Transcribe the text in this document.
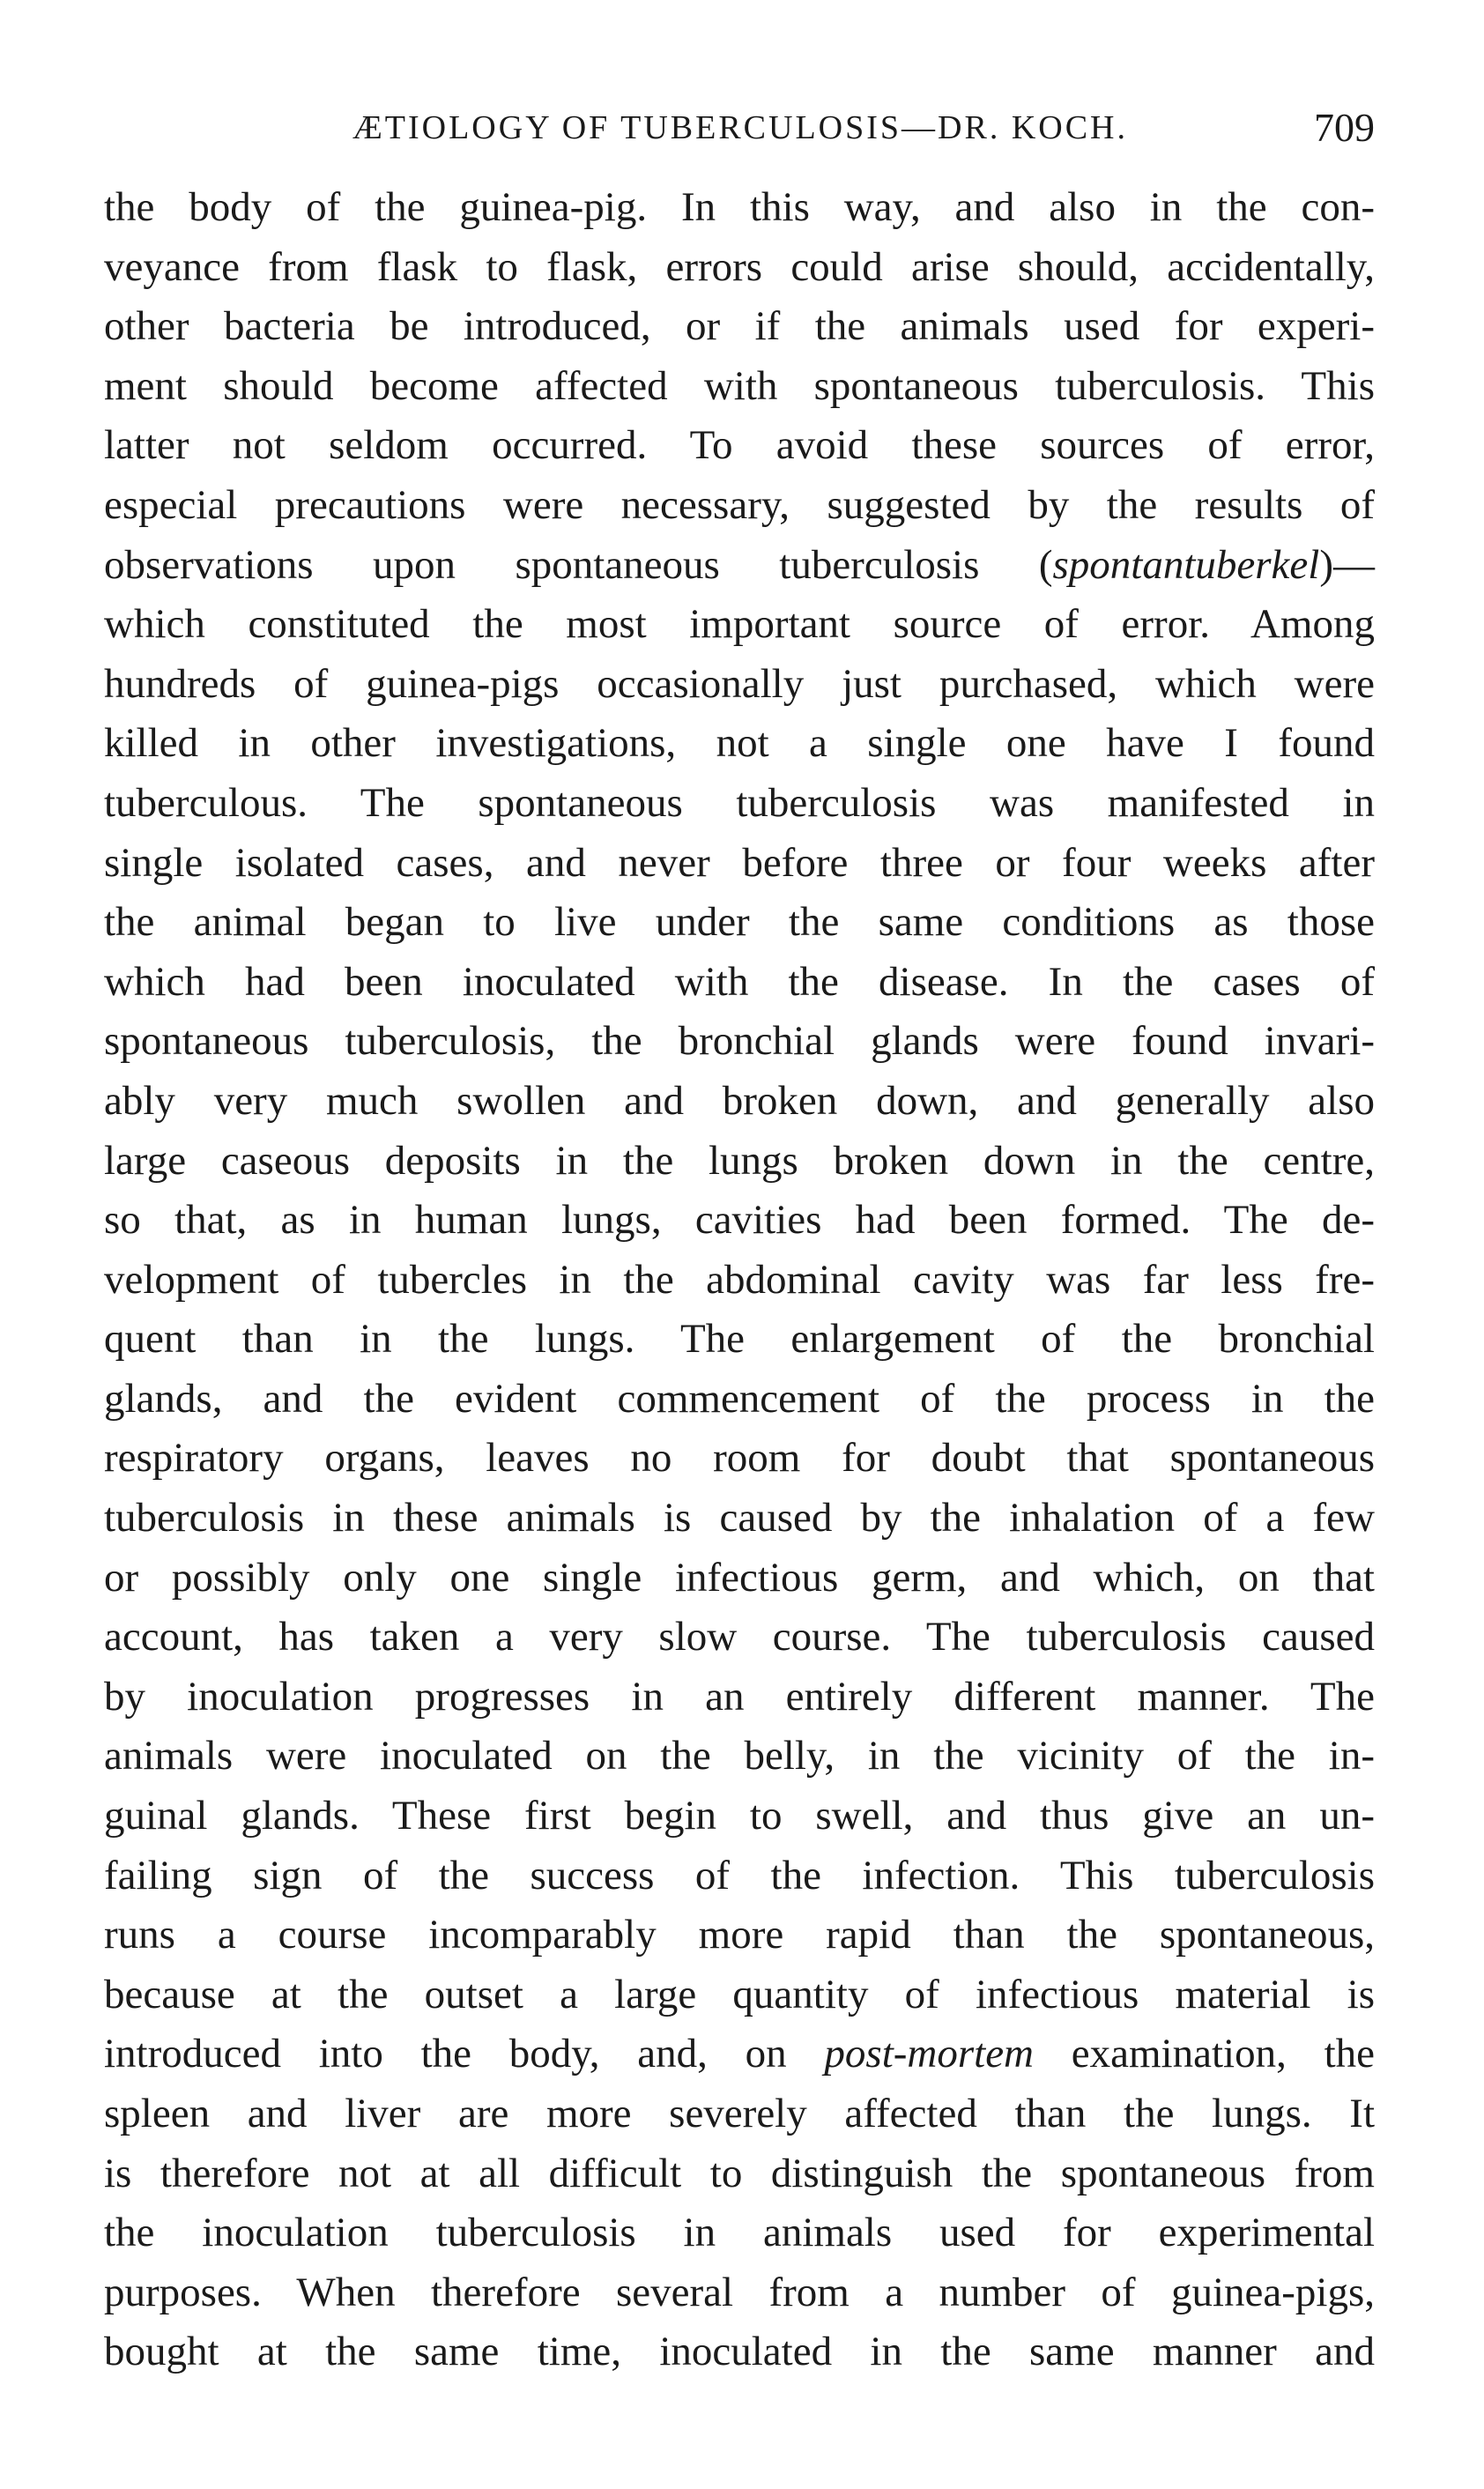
ÆTIOLOGY OF TUBERCULOSIS—DR. KOCH.	709
the body of the guinea-pig. In this way, and also in the con-
veyance from flask to flask, errors could arise should, accidentally,
other bacteria be introduced, or if the animals used for experi-
ment should become affected with spontaneous tuberculosis. This
latter not seldom occurred. To avoid these sources of error,
especial precautions were necessary, suggested by the results of
observations upon spontaneous tuberculosis (spontantuberkel)—
which constituted the most important source of error. Among
hundreds of guinea-pigs occasionally just purchased, which were
killed in other investigations, not a single one have I found
tuberculous. The spontaneous tuberculosis was manifested in
single isolated cases, and never before three or four weeks after
the animal began to live under the same conditions as those
which had been inoculated with the disease. In the cases of
spontaneous tuberculosis, the bronchial glands were found invari-
ably very much swollen and broken down, and generally also
large caseous deposits in the lungs broken down in the centre,
so that, as in human lungs, cavities had been formed. The de-
velopment of tubercles in the abdominal cavity was far less fre-
quent than in the lungs. The enlargement of the bronchial
glands, and the evident commencement of the process in the
respiratory organs, leaves no room for doubt that spontaneous
tuberculosis in these animals is caused by the inhalation of a few
or possibly only one single infectious germ, and which, on that
account, has taken a very slow course. The tuberculosis caused
by inoculation progresses in an entirely different manner. The
animals were inoculated on the belly, in the vicinity of the in-
guinal glands. These first begin to swell, and thus give an un-
failing sign of the success of the infection. This tuberculosis
runs a course incomparably more rapid than the spontaneous,
because at the outset a large quantity of infectious material is
introduced into the body, and, on post-mortem examination, the
spleen and liver are more severely affected than the lungs. It
is therefore not at all difficult to distinguish the spontaneous from
the inoculation tuberculosis in animals used for experimental
purposes. When therefore several from a number of guinea-pigs,
bought at the same time, inoculated in the same manner and
